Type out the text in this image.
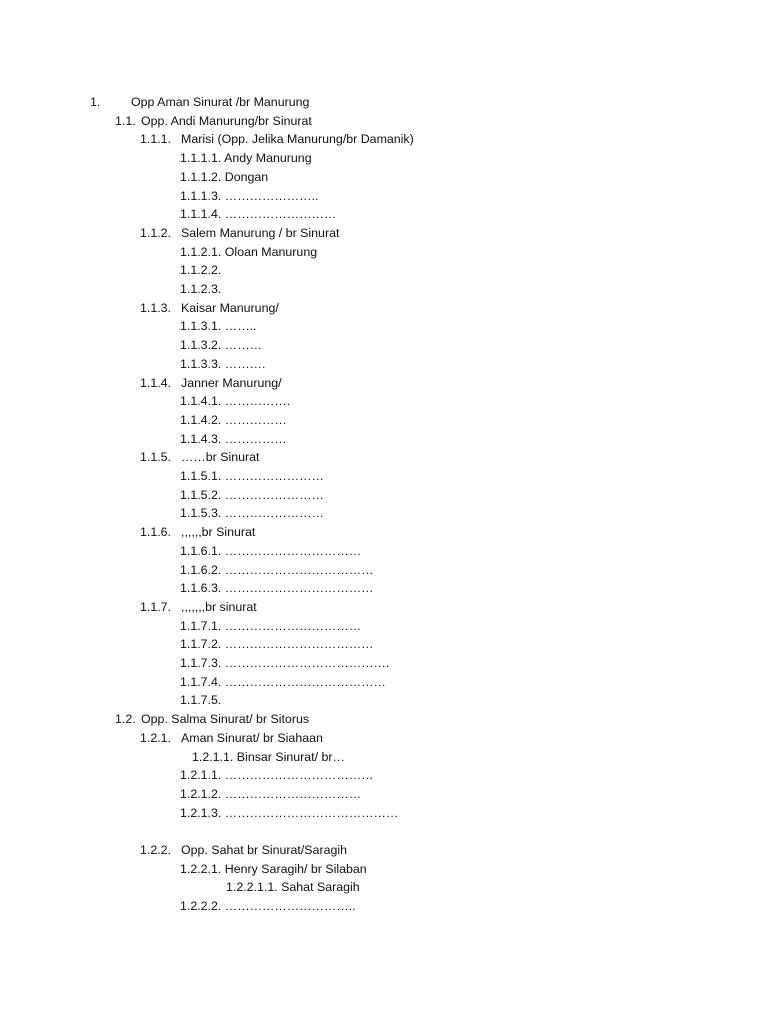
1. Opp Aman Sinurat /br Manurung
1.1. Opp. Andi Manurung/br Sinurat
1.1.1. Marisi (Opp. Jelika Manurung/br Damanik)
1.1.1.1. Andy Manurung
1.1.1.2. Dongan
1.1.1.3. …………………..
1.1.1.4. ………………………
1.1.2. Salem Manurung / br Sinurat
1.1.2.1. Oloan Manurung
1.1.2.2.
1.1.2.3.
1.1.3. Kaisar Manurung/
1.1.3.1. ……..
1.1.3.2. ………
1.1.3.3. ……….
1.1.4. Janner Manurung/
1.1.4.1. …………….
1.1.4.2. ……………
1.1.4.3. ……………
1.1.5. ……br Sinurat
1.1.5.1. ……………………
1.1.5.2. ……………………
1.1.5.3. ……………………
1.1.6. ,,,,,,br Sinurat
1.1.6.1. ……………………………
1.1.6.2. ………………………………
1.1.6.3. ………………………………
1.1.7. ,,,,,,,br sinurat
1.1.7.1. ……………………………
1.1.7.2. ………………………………
1.1.7.3. ………………………………….
1.1.7.4. …………………………………
1.1.7.5.
1.2. Opp. Salma Sinurat/ br Sitorus
1.2.1. Aman Sinurat/ br Siahaan
1.2.1.1. Binsar Sinurat/ br…
1.2.1.1. ………………………………
1.2.1.2. ……………………………
1.2.1.3. ……………………………………
1.2.2. Opp. Sahat br Sinurat/Saragih
1.2.2.1. Henry Saragih/ br Silaban
1.2.2.1.1. Sahat Saragih
1.2.2.2. …………………………..
